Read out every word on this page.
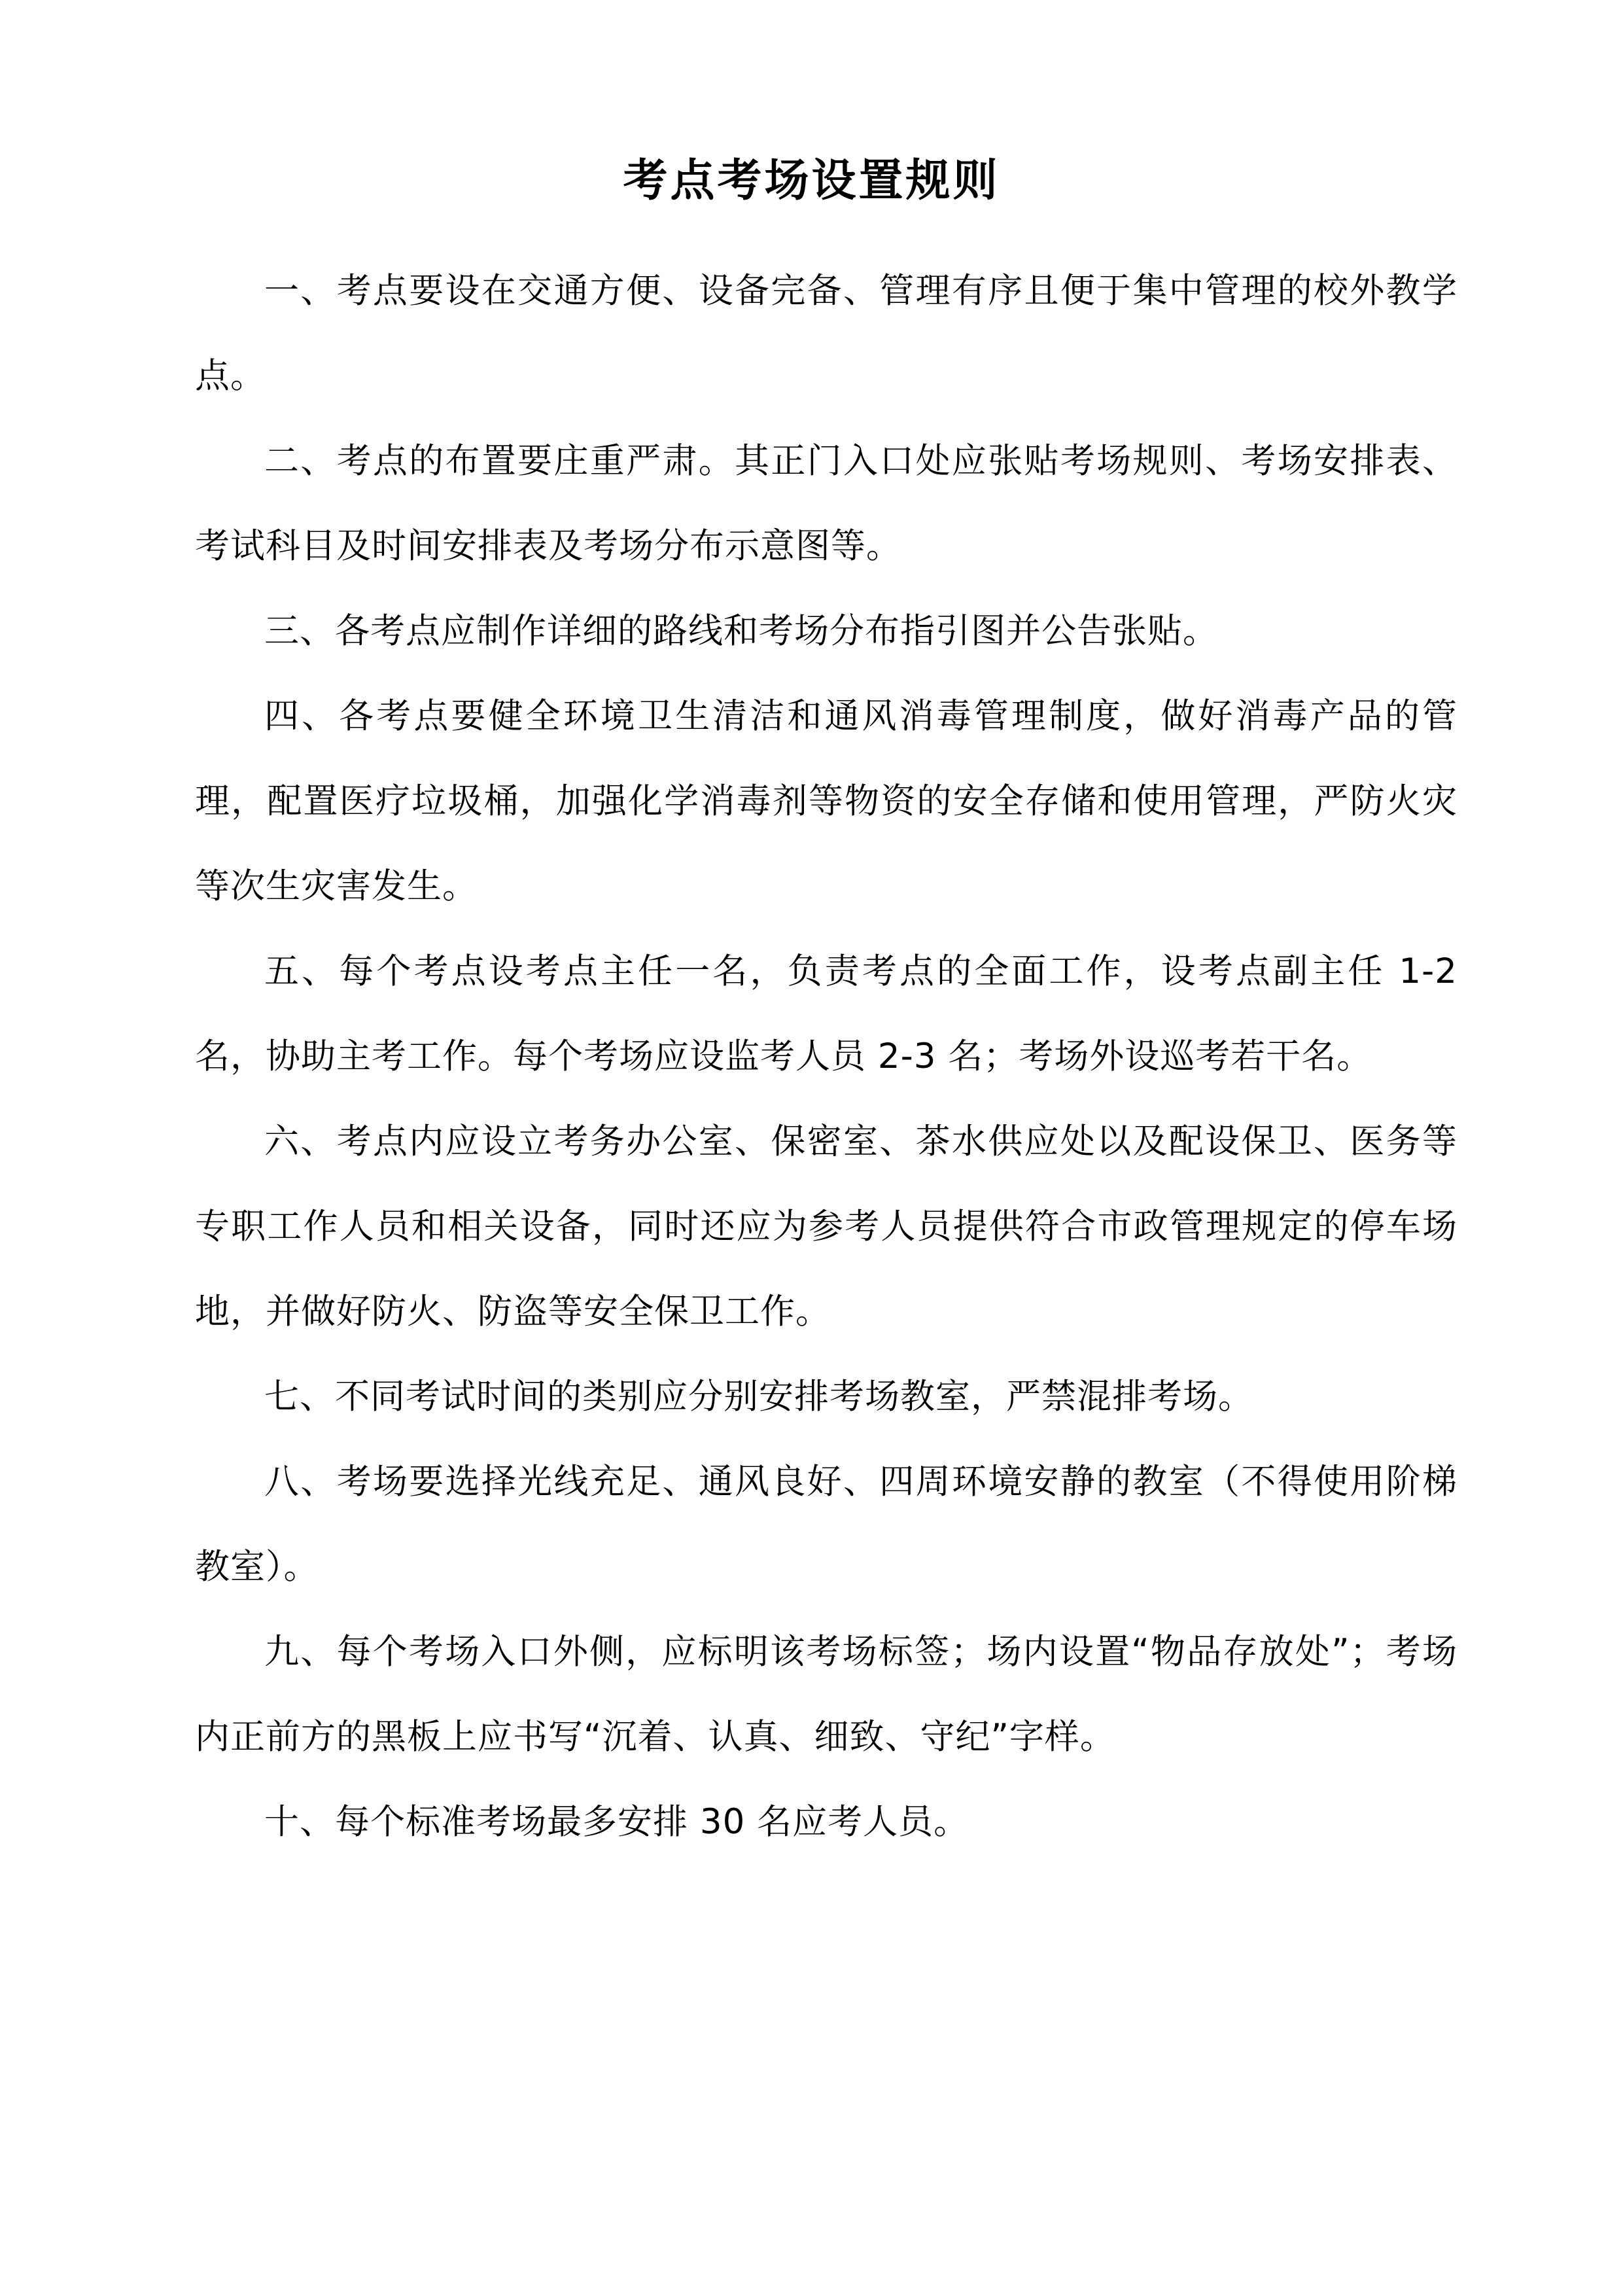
考点考场设置规则

一、考点要设在交通方便、设备完备、管理有序且便于集中管理的校外教学点。

二、考点的布置要庄重严肃。其正门入口处应张贴考场规则、考场安排表、考试科目及时间安排表及考场分布示意图等。

三、各考点应制作详细的路线和考场分布指引图并公告张贴。

四、各考点要健全环境卫生清洁和通风消毒管理制度，做好消毒产品的管理，配置医疗垃圾桶，加强化学消毒剂等物资的安全存储和使用管理，严防火灾等次生灾害发生。

五、每个考点设考点主任一名，负责考点的全面工作，设考点副主任 1-2 名，协助主考工作。每个考场应设监考人员 2-3 名；考场外设巡考若干名。

六、考点内应设立考务办公室、保密室、茶水供应处以及配设保卫、医务等专职工作人员和相关设备，同时还应为参考人员提供符合市政管理规定的停车场地，并做好防火、防盗等安全保卫工作。

七、不同考试时间的类别应分别安排考场教室，严禁混排考场。

八、考场要选择光线充足、通风良好、四周环境安静的教室（不得使用阶梯教室）。

九、每个考场入口外侧，应标明该考场标签；场内设置“物品存放处”；考场内正前方的黑板上应书写“沉着、认真、细致、守纪”字样。

十、每个标准考场最多安排 30 名应考人员。
